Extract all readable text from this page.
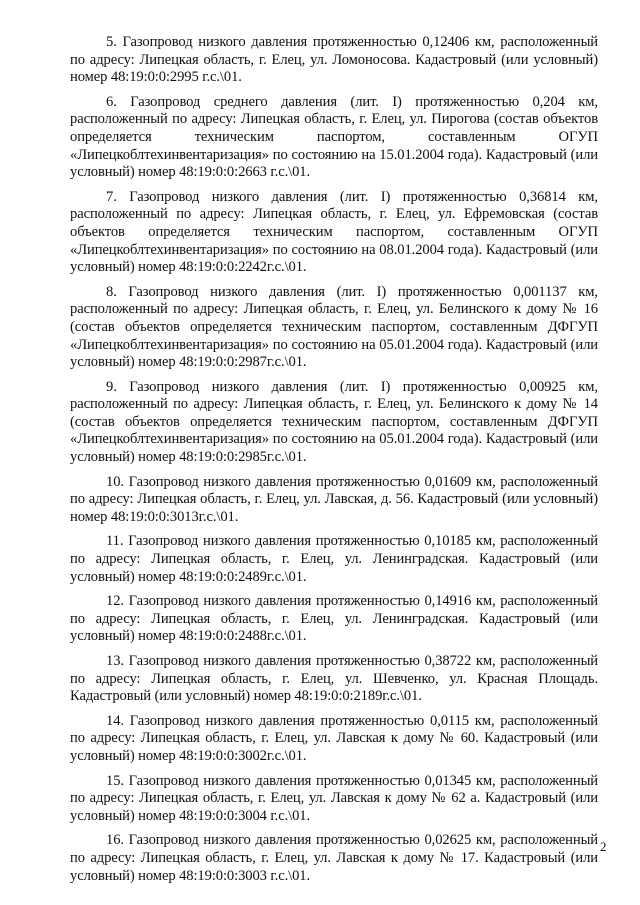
5. Газопровод низкого давления протяженностью 0,12406 км, расположенный по адресу: Липецкая область, г. Елец, ул. Ломоносова. Кадастровый (или условный) номер 48:19:0:0:2995 г.с.\01.

6. Газопровод среднего давления (лит. I) протяженностью 0,204 км, расположенный по адресу: Липецкая область, г. Елец, ул. Пирогова (состав объектов определяется техническим паспортом, составленным ОГУП «Липецкоблтехинвентаризация» по состоянию на 15.01.2004 года). Кадастровый (или условный) номер 48:19:0:0:2663 г.с.\01.

7. Газопровод низкого давления (лит. I) протяженностью 0,36814 км, расположенный по адресу: Липецкая область, г. Елец, ул. Ефремовская (состав объектов определяется техническим паспортом, составленным ОГУП «Липецкоблтехинвентаризация» по состоянию на 08.01.2004 года). Кадастровый (или условный) номер 48:19:0:0:2242г.с.\01.

8. Газопровод низкого давления (лит. I) протяженностью 0,001137 км, расположенный по адресу: Липецкая область, г. Елец, ул. Белинского к дому № 16 (состав объектов определяется техническим паспортом, составленным ДФГУП «Липецкоблтехинвентаризация» по состоянию на 05.01.2004 года). Кадастровый (или условный) номер 48:19:0:0:2987г.с.\01.

9. Газопровод низкого давления (лит. I) протяженностью 0,00925 км, расположенный по адресу: Липецкая область, г. Елец, ул. Белинского к дому № 14 (состав объектов определяется техническим паспортом, составленным ДФГУП «Липецкоблтехинвентаризация» по состоянию на 05.01.2004 года). Кадастровый (или условный) номер 48:19:0:0:2985г.с.\01.

10. Газопровод низкого давления протяженностью 0,01609 км, расположенный по адресу: Липецкая область, г. Елец, ул. Лавская, д. 56. Кадастровый (или условный) номер 48:19:0:0:3013г.с.\01.

11. Газопровод низкого давления протяженностью 0,10185 км, расположенный по адресу: Липецкая область, г. Елец, ул. Ленинградская. Кадастровый (или условный) номер 48:19:0:0:2489г.с.\01.

12. Газопровод низкого давления протяженностью 0,14916 км, расположенный по адресу: Липецкая область, г. Елец, ул. Ленинградская. Кадастровый (или условный) номер 48:19:0:0:2488г.с.\01.

13. Газопровод низкого давления протяженностью 0,38722 км, расположенный по адресу: Липецкая область, г. Елец, ул. Шевченко, ул. Красная Площадь. Кадастровый (или условный) номер 48:19:0:0:2189г.с.\01.

14. Газопровод низкого давления протяженностью 0,0115 км, расположенный по адресу: Липецкая область, г. Елец, ул. Лавская к дому № 60. Кадастровый (или условный) номер 48:19:0:0:3002г.с.\01.

15. Газопровод низкого давления протяженностью 0,01345 км, расположенный по адресу: Липецкая область, г. Елец, ул. Лавская к дому № 62 а. Кадастровый (или условный) номер 48:19:0:0:3004 г.с.\01.

16. Газопровод низкого давления протяженностью 0,02625 км, расположенный по адресу: Липецкая область, г. Елец, ул. Лавская к дому № 17. Кадастровый (или условный) номер 48:19:0:0:3003 г.с.\01.

2
